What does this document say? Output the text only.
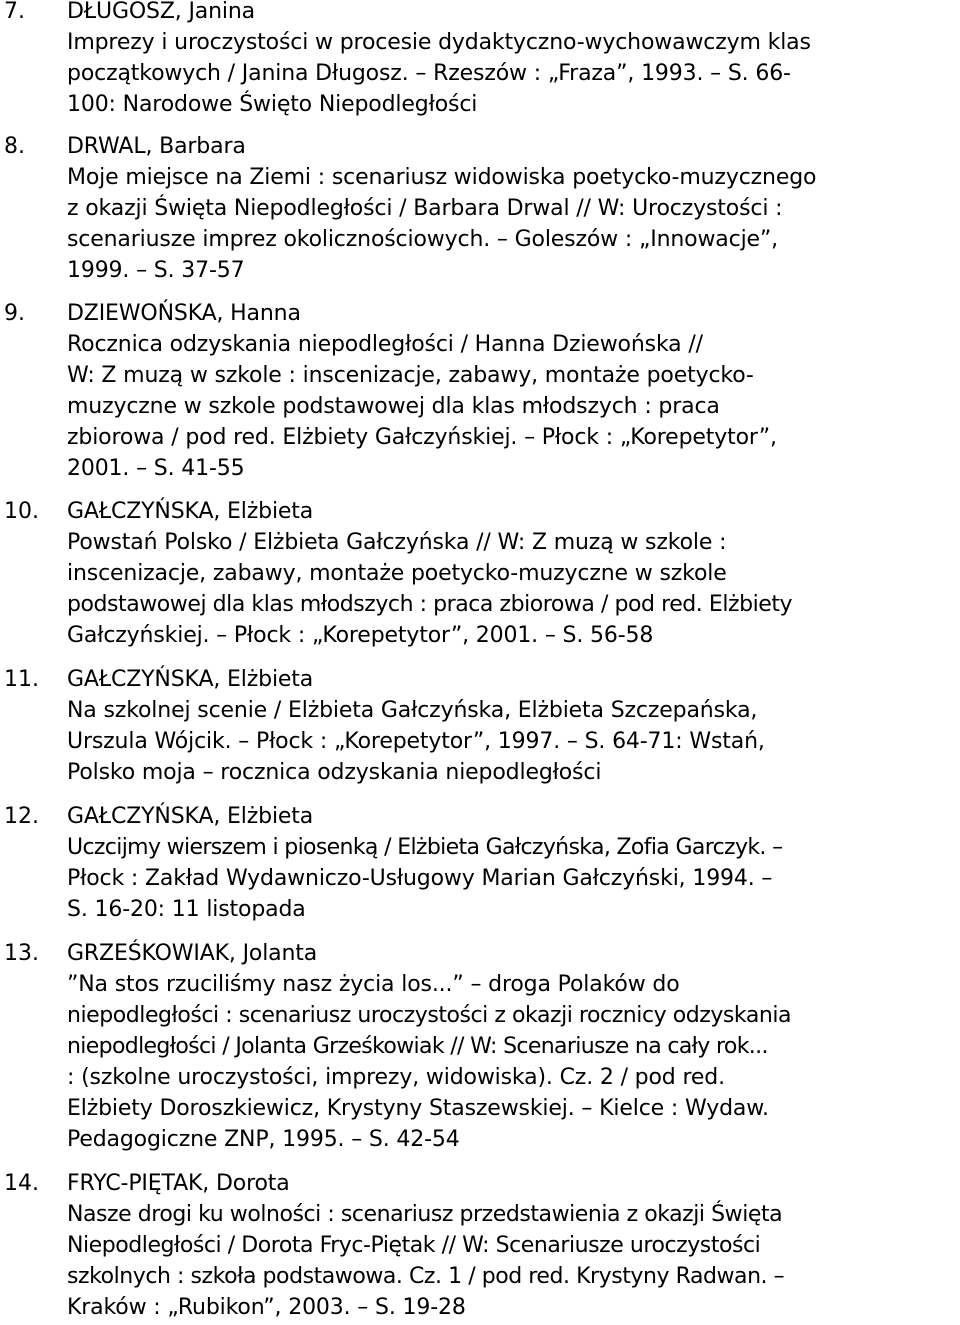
7. DŁUGOSZ, Janina
Imprezy i uroczystości w procesie dydaktyczno-wychowawczym klas
początkowych / Janina Długosz. – Rzeszów : „Fraza”, 1993. – S. 66-
100: Narodowe Święto Niepodległości
8. DRWAL, Barbara
Moje miejsce na Ziemi : scenariusz widowiska poetycko-muzycznego
z okazji Święta Niepodległości / Barbara Drwal // W: Uroczystości :
scenariusze imprez okolicznościowych. – Goleszów : „Innowacje”,
1999. – S. 37-57
9. DZIEWOŃSKA, Hanna
Rocznica odzyskania niepodległości / Hanna Dziewońska //
W: Z muzą w szkole : inscenizacje, zabawy, montaże poetycko-
muzyczne w szkole podstawowej dla klas młodszych : praca
zbiorowa / pod red. Elżbiety Gałczyńskiej. – Płock : „Korepetytor”,
2001. – S. 41-55
10. GAŁCZYŃSKA, Elżbieta
Powstań Polsko / Elżbieta Gałczyńska // W: Z muzą w szkole :
inscenizacje, zabawy, montaże poetycko-muzyczne w szkole
podstawowej dla klas młodszych : praca zbiorowa / pod red. Elżbiety
Gałczyńskiej. – Płock : „Korepetytor”, 2001. – S. 56-58
11. GAŁCZYŃSKA, Elżbieta
Na szkolnej scenie / Elżbieta Gałczyńska, Elżbieta Szczepańska,
Urszula Wójcik. – Płock : „Korepetytor”, 1997. – S. 64-71: Wstań,
Polsko moja – rocznica odzyskania niepodległości
12. GAŁCZYŃSKA, Elżbieta
Uczcijmy wierszem i piosenką / Elżbieta Gałczyńska, Zofia Garczyk. –
Płock : Zakład Wydawniczo-Usługowy Marian Gałczyński, 1994. –
S. 16-20: 11 listopada
13. GRZEŚKOWIAK, Jolanta
”Na stos rzuciliśmy nasz życia los...” – droga Polaków do
niepodległości : scenariusz uroczystości z okazji rocznicy odzyskania
niepodległości / Jolanta Grześkowiak // W: Scenariusze na cały rok...
: (szkolne uroczystości, imprezy, widowiska). Cz. 2 / pod red.
Elżbiety Doroszkiewicz, Krystyny Staszewskiej. – Kielce : Wydaw.
Pedagogiczne ZNP, 1995. – S. 42-54
14. FRYC-PIĘTAK, Dorota
Nasze drogi ku wolności : scenariusz przedstawienia z okazji Święta
Niepodległości / Dorota Fryc-Piętak // W: Scenariusze uroczystości
szkolnych : szkoła podstawowa. Cz. 1 / pod red. Krystyny Radwan. –
Kraków : „Rubikon”, 2003. – S. 19-28
